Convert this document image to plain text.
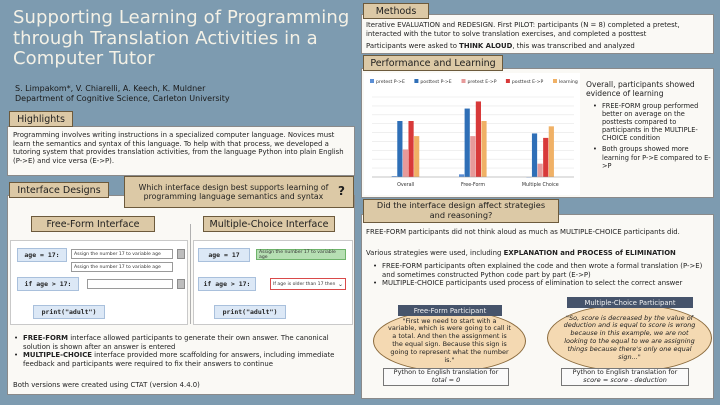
Supporting Learning of Programming through Translation Activities in a Computer Tutor
S. Limpakom*, V. Chiarelli, A. Keech, K. Muldner
Department of Cognitive Science, Carleton University
Highlights
Programming involves writing instructions in a specialized computer language. Novices must learn the semantics and syntax of this language. To help with that process, we developed a tutoring system that provides translation activities, from the language Python into plain English (P->E) and vice versa (E->P).
Interface Designs	Which interface design best supports learning of programming language semantics and syntax	?
Free-Form Interface	Multiple-Choice Interface
age = 17:	Assign the number 17 to variable age
Assign the number 17 to variable age
if age > 17:
print("adult")
age = 17	Assign the number 17 to variable age
if age > 17:	If age is older than 17 then ⌄
print("adult")
• FREE-FORM interface allowed participants to generate their own answer. The canonical solution is shown after an answer is entered
• MULTIPLE-CHOICE interface provided more scaffolding for answers, including immediate feedback and participants were required to fix their answers to continue
Both versions were created using CTAT (version 4.4.0)
Methods
Iterative EVALUATION and REDESIGN. First PILOT: participants (N = 8) completed a pretest, interacted with the tutor to solve translation exercises, and completed a posttest
Participants were asked to THINK ALOUD, this was transcribed and analyzed
Performance and Learning
pretest P->E	posttest P->E	pretest E->P	posttest E->P	learning
Overall	Free-Form	Multiple Choice
Overall, participants showed evidence of learning
• FREE-FORM group performed better on average on the posttests compared to participants in the MULTIPLE-CHOICE condition
• Both groups showed more learning for P->E compared to E->P
Did the interface design affect strategies and reasoning?
FREE-FORM participants did not think aloud as much as MULTIPLE-CHOICE participants did.
Various strategies were used, including EXPLANATION and PROCESS of ELIMINATION
• FREE-FORM participants often explained the code and then wrote a formal translation (P->E) and sometimes constructed Python code part by part (E->P)
• MULTIPLE-CHOICE participants used process of elimination to select the correct answer
"First we need to start with a variable, which is were going to call it a total. And then the assignment is the equal sign. Because this sign is going to represent what the number is."
Free-Form Participant
Python to English translation for
total = 0
"So, score is decreased by the value of deduction and is equal to score is wrong because in this example, we are not looking to the equal to we are assigning things because there's only one equal sign..."
Multiple-Choice Participant
Python to English translation for
score = score - deduction
